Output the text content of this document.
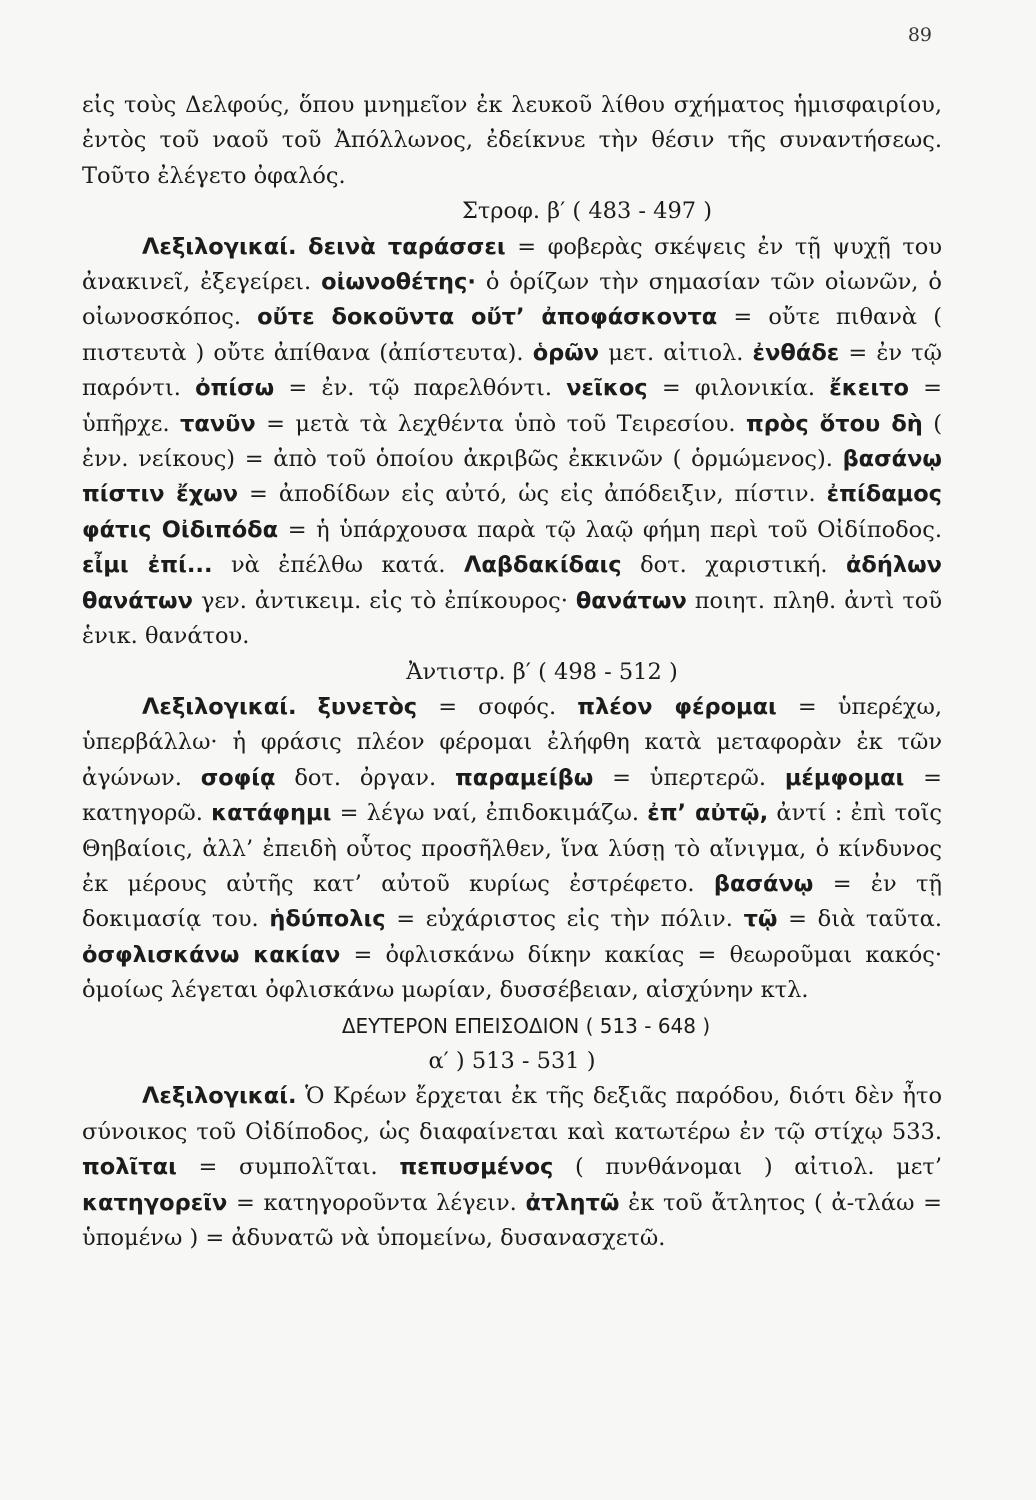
89

εἰς τοὺς Δελφούς, ὅπου μνημεῖον ἐκ λευκοῦ λίθου σχήματος ἡμισφαιρίου, ἐντὸς τοῦ ναοῦ τοῦ Ἀπόλλωνος, ἐδείκνυε τὴν θέσιν τῆς συναντήσεως. Τοῦτο ἐλέγετο ὀφαλός.

Στροφ. β′ ( 483 - 497 )

Λεξιλογικαί. δεινὰ ταράσσει = φοβερὰς σκέψεις ἐν τῇ ψυχῇ του ἀνακινεῖ, ἐξεγείρει. οἰωνοθέτης· ὁ ὁρίζων τὴν σημασίαν τῶν οἰωνῶν, ὁ οἰωνοσκόπος. οὔτε δοκοῦντα οὔτ’ ἀποφάσκοντα = οὔτε πιθανὰ ( πιστευτὰ ) οὔτε ἀπίθανα (ἀπίστευτα). ὁρῶν μετ. αἰτιολ. ἐνθάδε = ἐν τῷ παρόντι. ὀπίσω = ἐν. τῷ παρελθόντι. νεῖκος = φιλονικία. ἔκειτο = ὑπῆρχε. τανῦν = μετὰ τὰ λεχθέντα ὑπὸ τοῦ Τειρεσίου. πρὸς ὅτου δὴ ( ἐνν. νείκους) = ἀπὸ τοῦ ὁποίου ἀκριβῶς ἐκκινῶν ( ὁρμώμενος). βασάνῳ πίστιν ἔχων = ἀποδίδων εἰς αὐτό, ὡς εἰς ἀπόδειξιν, πίστιν. ἐπίδαμος φάτις Οἰδιπόδα = ἡ ὑπάρχουσα παρὰ τῷ λαῷ φήμη περὶ τοῦ Οἰδίποδος. εἶμι ἐπί... νὰ ἐπέλθω κατά. Λαβδακίδαις δοτ. χαριστική. ἀδήλων θανάτων γεν. ἀντικειμ. εἰς τὸ ἐπίκουρος· θανάτων ποιητ. πληθ. ἀντὶ τοῦ ἑνικ. θανάτου.

Ἀντιστρ. β′ ( 498 - 512 )

Λεξιλογικαί. ξυνετὸς = σοφός. πλέον φέρομαι = ὑπερέχω, ὑπερβάλλω· ἡ φράσις πλέον φέρομαι ἐλήφθη κατὰ μεταφορὰν ἐκ τῶν ἀγώνων. σοφίᾳ δοτ. ὀργαν. παραμείβω = ὑπερτερῶ. μέμφομαι = κατηγορῶ. κατάφημι = λέγω ναί, ἐπιδοκιμάζω. ἐπ’ αὐτῷ, ἀντί : ἐπὶ τοῖς Θηβαίοις, ἀλλ’ ἐπειδὴ οὗτος προσῆλθεν, ἵνα λύσῃ τὸ αἴνιγμα, ὁ κίνδυνος ἐκ μέρους αὐτῆς κατ’ αὐτοῦ κυρίως ἐστρέφετο. βασάνῳ = ἐν τῇ δοκιμασίᾳ του. ἡδύπολις = εὐχάριστος εἰς τὴν πόλιν. τῷ = διὰ ταῦτα. ὀσφλισκάνω κακίαν = ὀφλισκάνω δίκην κακίας = θεωροῦμαι κακός· ὁμοίως λέγεται ὀφλισκάνω μωρίαν, δυσσέβειαν, αἰσχύνην κτλ.

ΔΕΥΤΕΡΟΝ ΕΠΕΙΣΟΔΙΟΝ ( 513 - 648 )

α′ ) 513 - 531 )

Λεξιλογικαί. Ὁ Κρέων ἔρχεται ἐκ τῆς δεξιᾶς παρόδου, διότι δὲν ἦτο σύνοικος τοῦ Οἰδίποδος, ὡς διαφαίνεται καὶ κατωτέρω ἐν τῷ στίχῳ 533. πολῖται = συμπολῖται. πεπυσμένος ( πυνθάνομαι ) αἰτιολ. μετ’ κατηγορεῖν = κατηγοροῦντα λέγειν. ἀτλητῶ ἐκ τοῦ ἄτλητος ( ἀ-τλάω = ὑπομένω ) = ἀδυνατῶ νὰ ὑπομείνω, δυσανασχετῶ.
